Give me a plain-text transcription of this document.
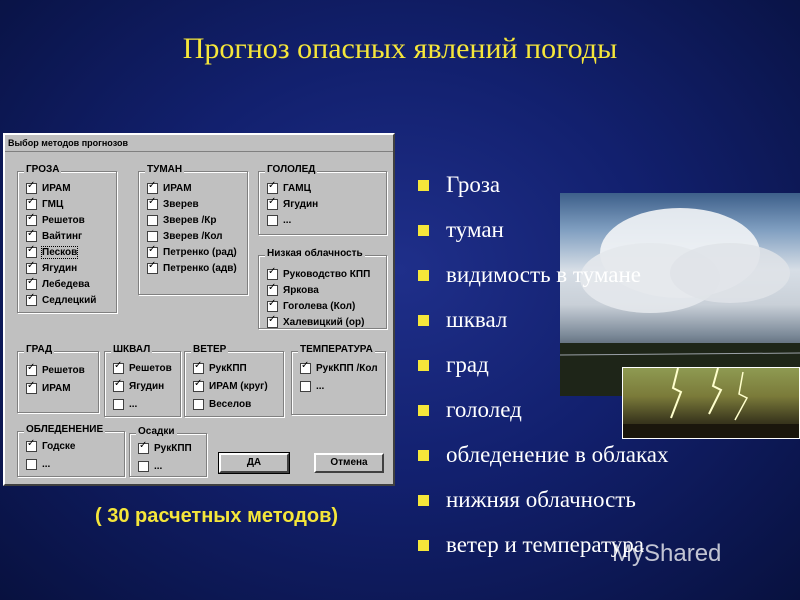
Прогноз опасных явлений погоды
Выбор методов прогнозов
ГРОЗА
✓
ИРАМ
✓
ГМЦ
✓
Решетов
✓
Вайтинг
✓
Песков
✓
Ягудин
✓
Лебедева
✓
Седлецкий
ТУМАН
✓
ИРАМ
✓
Зверев
Зверев /Кр
Зверев /Кол
✓
Петренко (рад)
✓
Петренко (адв)
ГОЛОЛЕД
✓
ГАМЦ
✓
Ягудин
...
Низкая облачность
✓
Руководство КПП
✓
Яркова
✓
Гоголева (Кол)
✓
Халевицкий (ор)
ГРАД
✓
Решетов
✓
ИРАМ
ШКВАЛ
✓
Решетов
✓
Ягудин
...
ВЕТЕР
✓
РукКПП
✓
ИРАМ (круг)
Веселов
ТЕМПЕРАТУРА
✓
РукКПП /Кол
...
ОБЛЕДЕНЕНИЕ
✓
Годске
...
Осадки
✓
РукКПП
...	ДА	Отмена
( 30 расчетных методов)
Гроза
туман
видимость в тумане
шквал
град
гололед
обледенение в облаках
нижняя облачность
ветер и температура
MyShared
